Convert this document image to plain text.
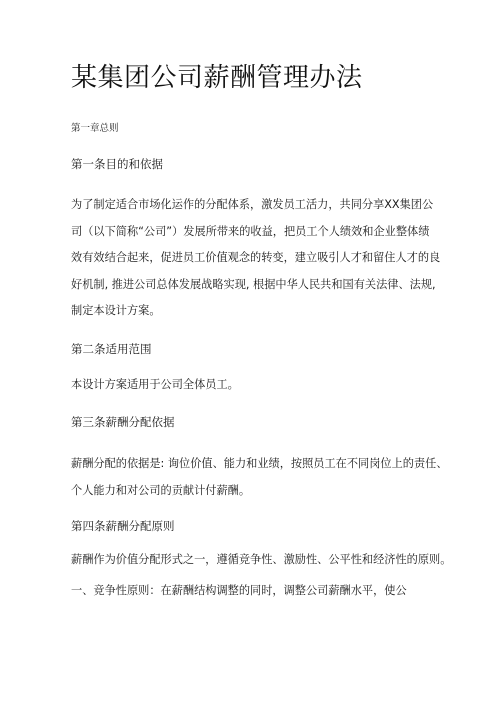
某集团公司薪酬管理办法
第一章总则
第一条目的和依据
为了制定适合市场化运作的分配体系，激发员工活力，共同分享XX集团公
司（以下简称“公司”）发展所带来的收益，把员工个人绩效和企业整体绩
效有效结合起来，促进员工价值观念的转变，建立吸引人才和留住人才的良
好机制, 推进公司总体发展战略实现, 根据中华人民共和国有关法律、法规,
制定本设计方案。
第二条适用范围
本设计方案适用于公司全体员工。
第三条薪酬分配依据
薪酬分配的依据是: 询位价值、能力和业绩，按照员工在不同岗位上的责任、
个人能力和对公司的贡献计付薪酬。
第四条薪酬分配原则
薪酬作为价值分配形式之一，遵循竞争性、激励性、公平性和经济性的原则。
一、竞争性原则：在薪酬结构调整的同时，调整公司薪酬水平，使公
